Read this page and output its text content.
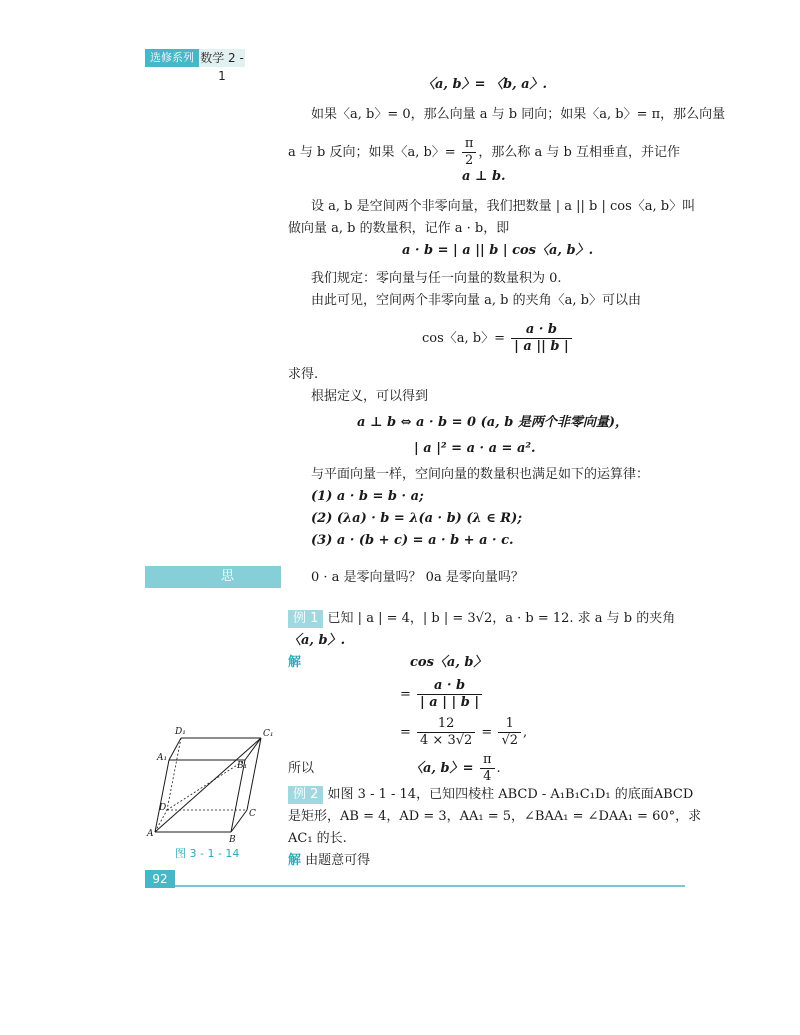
选修系列 数学 2 - 1
〈a, b〉= 〈b, a〉.
如果〈a, b〉= 0，那么向量 a 与 b 同向；如果〈a, b〉= π，那么向量
a 与 b 反向；如果〈a, b〉= $\frac{\pi}{2}$ ，那么称 a 与 b 互相垂直，并记作
a ⊥ b.
设 a, b 是空间两个非零向量，我们把数量 | a || b | cos〈a, b〉叫
做向量 a, b 的数量积，记作 a · b，即
a · b = | a || b | cos〈a, b〉.
我们规定：零向量与任一向量的数量积为 0.
由此可见，空间两个非零向量 a, b 的夹角〈a, b〉可以由
cos〈a, b〉= $\frac{a \cdot b}{| a || b |}$
求得.
根据定义，可以得到
a ⊥ b ⇔ a · b = 0 (a, b 是两个非零向量)，
| a |² = a · a = a².
与平面向量一样，空间向量的数量积也满足如下的运算律：
(1) a · b = b · a;
(2) (λa) · b = λ(a · b) (λ ∈ R);
(3) a · (b + c) = a · b + a · c.
思考
0 · a 是零向量吗？ 0a 是零向量吗？
例 1 已知 | a | = 4，| b | = 3√2，a · b = 12. 求 a 与 b 的夹角
〈a, b〉.
解	cos〈a, b〉
= $\frac{a \cdot b}{| a | | b |}$
= $\frac{12}{4 \times 3√2} = \frac{1}{√2}$ ,
所以	〈a, b〉= $\frac{\pi}{4}$ .
例 2 如图 3 - 1 - 14，已知四棱柱 ABCD - A₁B₁C₁D₁ 的底面ABCD
是矩形，AB = 4，AD = 3，AA₁ = 5，∠BAA₁ = ∠DAA₁ = 60°，求
AC₁ 的长.
解 由题意可得
D₁	C₁
A₁
B₁
D
C
A
B
图 3 - 1 - 14
92
